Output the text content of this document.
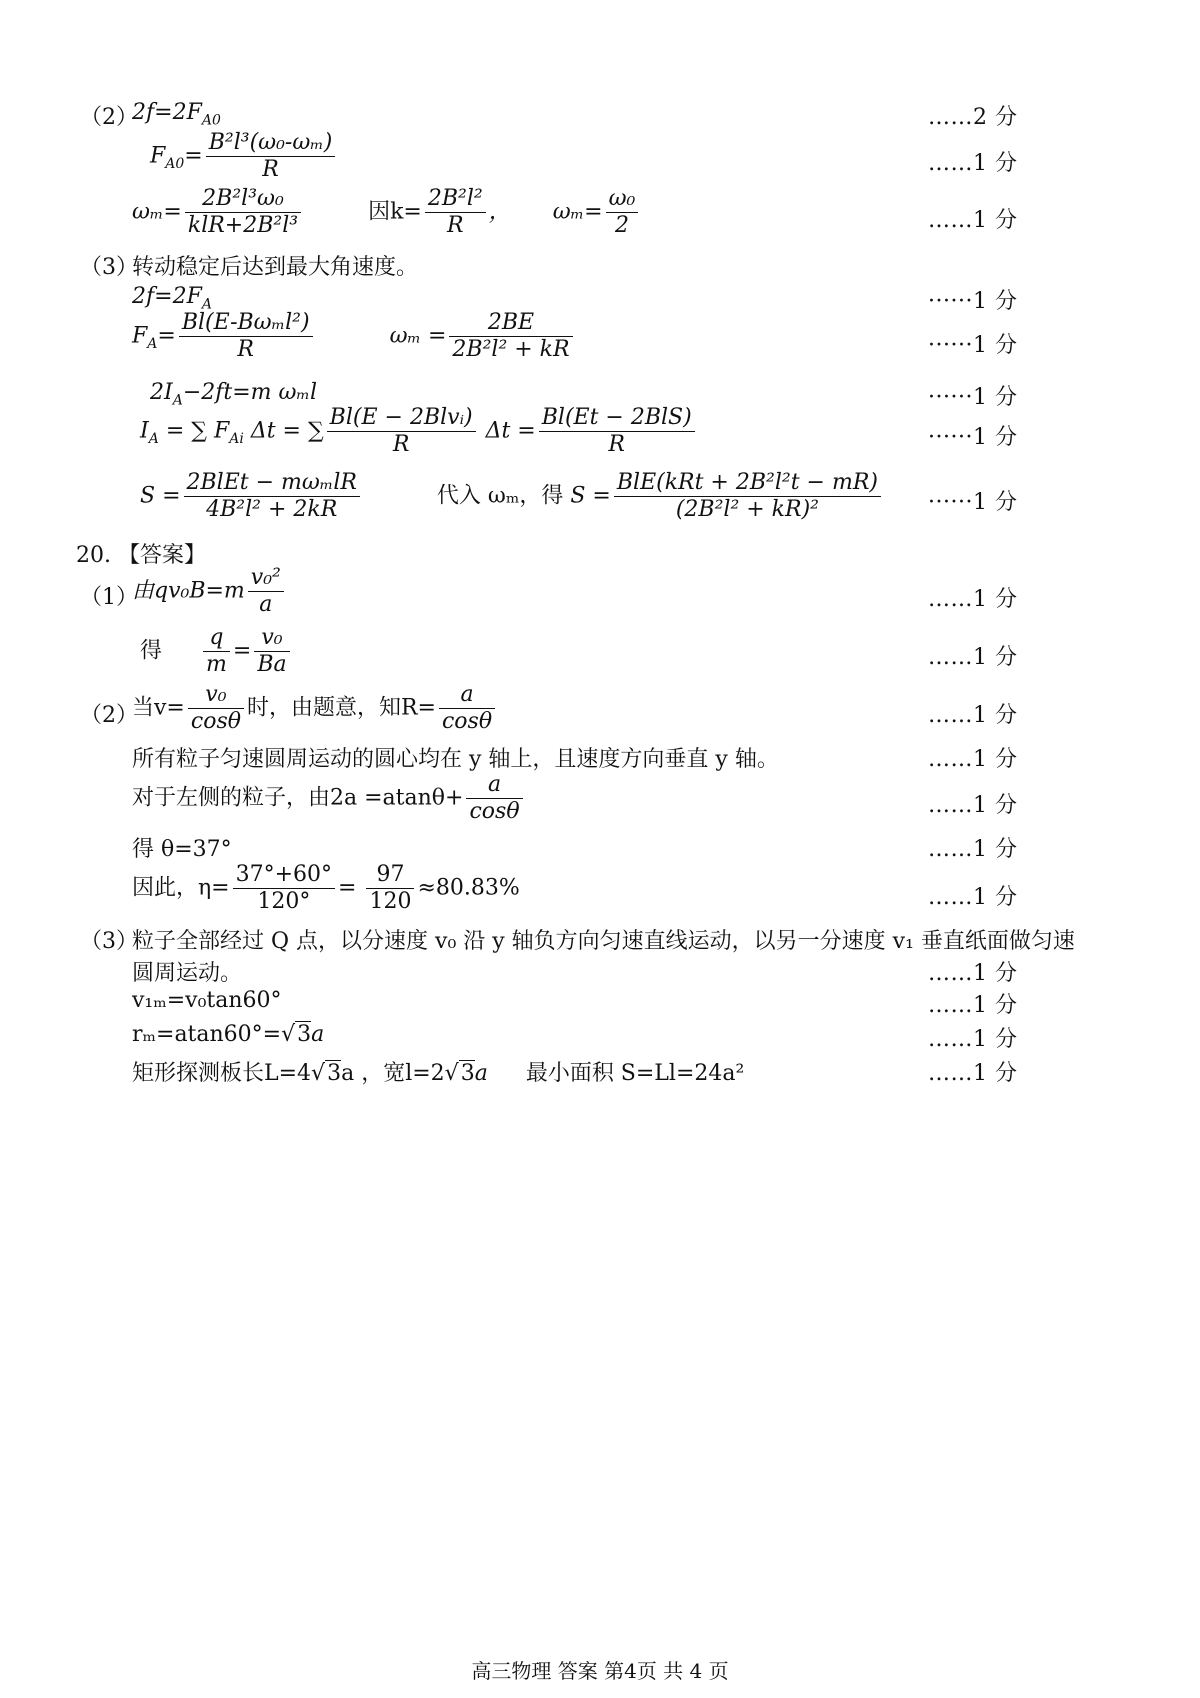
（2）
$2f=2F_{A0}$	……2 分
$F_{A0}= \frac{\text{B²l³(ω₀-ωₘ)}}{R}$	……1 分
$\omega_m= \frac{\text{2B²l³ω₀}}{\text{klR+2B²l³}}$	因$k= \frac{\text{2B²l²}}{R}$ ，  $\omega_m= \frac{\text{ω₀}}{2}$	……1 分
（3）
转动稳定后达到最大角速度。
$2f=2F_A$	······1 分
$F_A= \frac{\text{Bl(E-Bωₘl²)}}{R}$	$\omega_m = \frac{2BE}{\text{2B²l² + kR}}$	······1 分
$2I_A-2ft=m$ ωₘl	······1 分
$I_A$ = ∑ $F_{Ai}$ Δt = ∑ $\frac{\text{Bl(E − 2Blvᵢ)}}{R}$ $\Delta t = \frac{\text{Bl(Et − 2BlS)}}{R}$	······1 分
$S = \frac{\text{2BlEt − mωₘlR}}{\text{4B²l² + 2kR}}$	代入 ωₘ，得 $S = \frac{\text{BlE(kRt + 2B²l²t − mR)}}{\text{(2B²l² + kR)²}} \cdot\cdot\cdot\cdot\cdot\cdot 1$ 分
20. 【答案】
（1）
由$qv_0B=m \frac{\text{v₀²}}{a}$	……1 分
得 $\frac{q}{m} = \frac{\text{v₀}}{Ba}$	……1 分
（2）
当$v= \frac{\text{v₀}}{\cos\theta}$ 时，由题意，知$R= \frac{a}{\cos\theta}$	……1 分
所有粒子匀速圆周运动的圆心均在 y 轴上，且速度方向垂直 y 轴。	……1 分
对于左侧的粒子，由$2a =atan\theta+ \frac{a}{\cos\theta}$	……1 分
得 θ=37°	……1 分
因此，$\eta= \frac{37^\circ+60^\circ}{120^\circ} = \frac{97}{120} \approx 80.83\%$	……1 分
（3）
粒子全部经过 Q 点，以分速度 v₀ 沿 y 轴负方向匀速直线运动，以另一分速度 v₁ 垂直纸面做匀速
圆周运动。	……1 分
v₁ₘ=v₀tan60°	……1 分
rₘ=atan60°=√3a	……1 分
矩形探测板长L=4√3a ，宽l=2√3a 最小面积 S=Ll=24a²	……1 分
高三物理 答案 第4页 共 4 页
